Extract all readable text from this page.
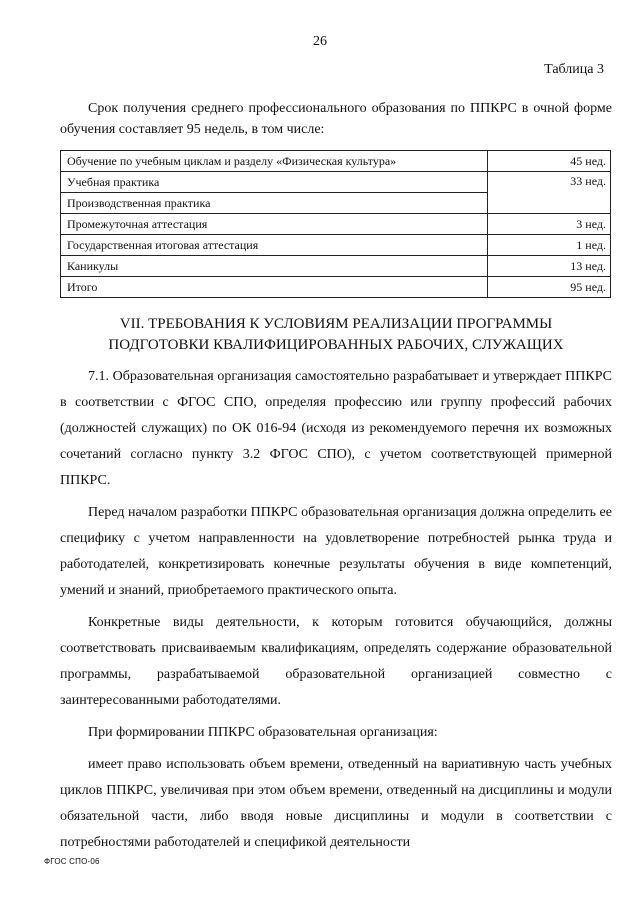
26
Таблица 3
Срок получения среднего профессионального образования по ППКРС в очной форме обучения составляет 95 недель, в том числе:
Обучение по учебным циклам и разделу «Физическая культура»	45 нед.
Учебная практика	33 нед.
Производственная практика	
Промежуточная аттестация	3 нед.
Государственная итоговая аттестация	1 нед.
Каникулы	13 нед.
Итого	95 нед.
VII. ТРЕБОВАНИЯ К УСЛОВИЯМ РЕАЛИЗАЦИИ ПРОГРАММЫ
ПОДГОТОВКИ КВАЛИФИЦИРОВАННЫХ РАБОЧИХ, СЛУЖАЩИХ

7.1. Образовательная организация самостоятельно разрабатывает и утверждает ППКРС в соответствии с ФГОС СПО, определяя профессию или группу профессий рабочих (должностей служащих) по ОК 016-94 (исходя из рекомендуемого перечня их возможных сочетаний согласно пункту 3.2 ФГОС СПО), с учетом соответствующей примерной ППКРС.

Перед началом разработки ППКРС образовательная организация должна определить ее специфику с учетом направленности на удовлетворение потребностей рынка труда и работодателей, конкретизировать конечные результаты обучения в виде компетенций, умений и знаний, приобретаемого практического опыта.

Конкретные виды деятельности, к которым готовится обучающийся, должны соответствовать присваиваемым квалификациям, определять содержание образовательной программы, разрабатываемой образовательной организацией совместно с заинтересованными работодателями.

При формировании ППКРС образовательная организация:

имеет право использовать объем времени, отведенный на вариативную часть учебных циклов ППКРС, увеличивая при этом объем времени, отведенный на дисциплины и модули обязательной части, либо вводя новые дисциплины и модули в соответствии с потребностями работодателей и спецификой деятельности

ФГОС СПО-06
